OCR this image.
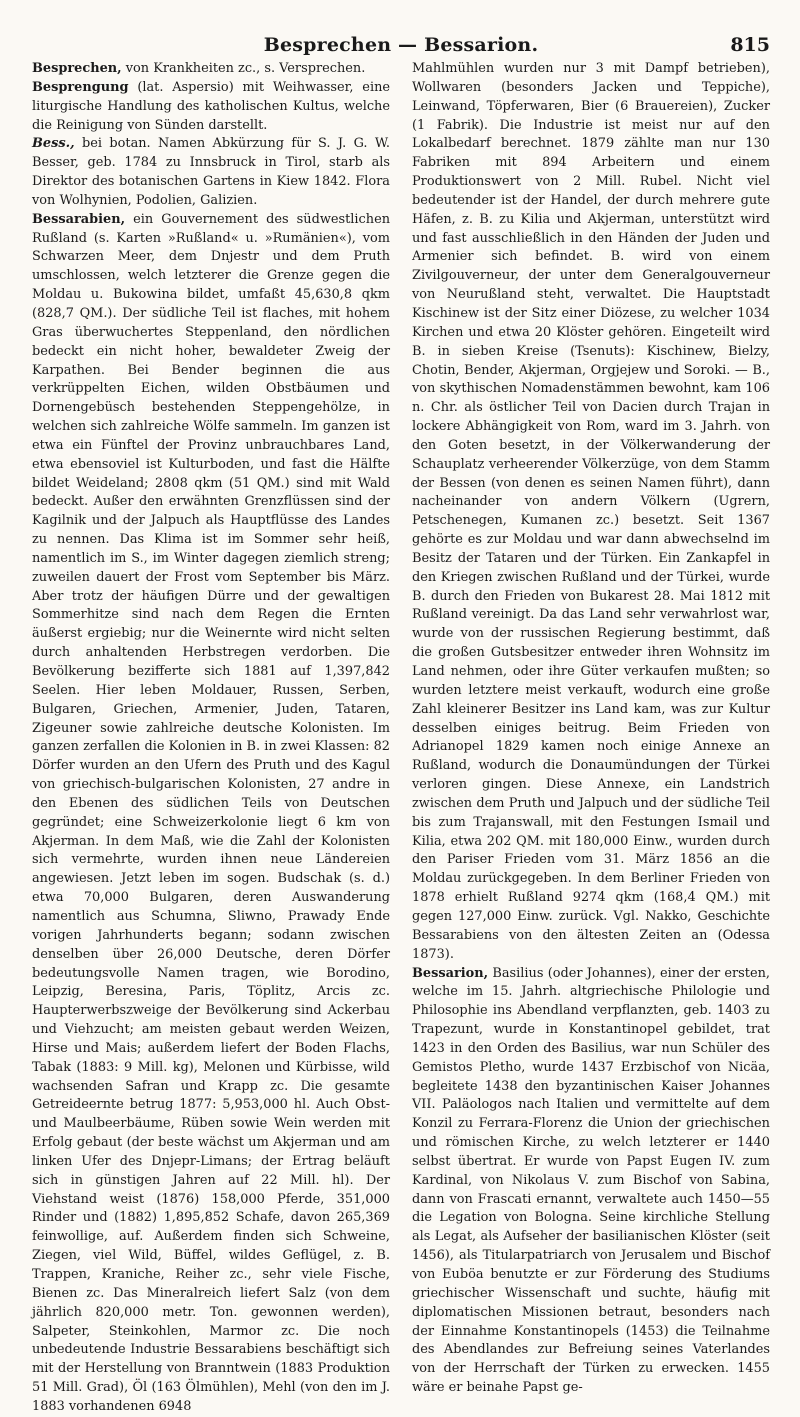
Besprechen — Bessarion.	815

Besprechen, von Krankheiten zc., s. Versprechen.

Besprengung (lat. Aspersio) mit Weihwasser, eine liturgische Handlung des katholischen Kultus, welche die Reinigung von Sünden darstellt.

Bess., bei botan. Namen Abkürzung für S. J. G. W. Besser, geb. 1784 zu Innsbruck in Tirol, starb als Direktor des botanischen Gartens in Kiew 1842. Flora von Wolhynien, Podolien, Galizien.

Bessarabien, ein Gouvernement des südwestlichen Rußland (s. Karten »Rußland« u. »Rumänien«), vom Schwarzen Meer, dem Dnjestr und dem Pruth umschlossen, welch letzterer die Grenze gegen die Moldau u. Bukowina bildet, umfaßt 45,630,8 qkm (828,7 QM.). Der südliche Teil ist flaches, mit hohem Gras überwuchertes Steppenland, den nördlichen bedeckt ein nicht hoher, bewaldeter Zweig der Karpathen. Bei Bender beginnen die aus verkrüppelten Eichen, wilden Obstbäumen und Dornengebüsch bestehenden Steppengehölze, in welchen sich zahlreiche Wölfe sammeln. Im ganzen ist etwa ein Fünftel der Provinz unbrauchbares Land, etwa ebensoviel ist Kulturboden, und fast die Hälfte bildet Weideland; 2808 qkm (51 QM.) sind mit Wald bedeckt. Außer den erwähnten Grenzflüssen sind der Kagilnik und der Jalpuch als Hauptflüsse des Landes zu nennen. Das Klima ist im Sommer sehr heiß, namentlich im S., im Winter dagegen ziemlich streng; zuweilen dauert der Frost vom September bis März. Aber trotz der häufigen Dürre und der gewaltigen Sommerhitze sind nach dem Regen die Ernten äußerst ergiebig; nur die Weinernte wird nicht selten durch anhaltenden Herbstregen verdorben. Die Bevölkerung bezifferte sich 1881 auf 1,397,842 Seelen. Hier leben Moldauer, Russen, Serben, Bulgaren, Griechen, Armenier, Juden, Tataren, Zigeuner sowie zahlreiche deutsche Kolonisten. Im ganzen zerfallen die Kolonien in B. in zwei Klassen: 82 Dörfer wurden an den Ufern des Pruth und des Kagul von griechisch-bulgarischen Kolonisten, 27 andre in den Ebenen des südlichen Teils von Deutschen gegründet; eine Schweizerkolonie liegt 6 km von Akjerman. In dem Maß, wie die Zahl der Kolonisten sich vermehrte, wurden ihnen neue Ländereien angewiesen. Jetzt leben im sogen. Budschak (s. d.) etwa 70,000 Bulgaren, deren Auswanderung namentlich aus Schumna, Sliwno, Prawady Ende vorigen Jahrhunderts begann; sodann zwischen denselben über 26,000 Deutsche, deren Dörfer bedeutungsvolle Namen tragen, wie Borodino, Leipzig, Beresina, Paris, Töplitz, Arcis zc. Haupterwerbszweige der Bevölkerung sind Ackerbau und Viehzucht; am meisten gebaut werden Weizen, Hirse und Mais; außerdem liefert der Boden Flachs, Tabak (1883: 9 Mill. kg), Melonen und Kürbisse, wild wachsenden Safran und Krapp zc. Die gesamte Getreideernte betrug 1877: 5,953,000 hl. Auch Obst- und Maulbeerbäume, Rüben sowie Wein werden mit Erfolg gebaut (der beste wächst um Akjerman und am linken Ufer des Dnjepr-Limans; der Ertrag beläuft sich in günstigen Jahren auf 22 Mill. hl). Der Viehstand weist (1876) 158,000 Pferde, 351,000 Rinder und (1882) 1,895,852 Schafe, davon 265,369 feinwollige, auf. Außerdem finden sich Schweine, Ziegen, viel Wild, Büffel, wildes Geflügel, z. B. Trappen, Kraniche, Reiher zc., sehr viele Fische, Bienen zc. Das Mineralreich liefert Salz (von dem jährlich 820,000 metr. Ton. gewonnen werden), Salpeter, Steinkohlen, Marmor zc. Die noch unbedeutende Industrie Bessarabiens beschäftigt sich mit der Herstellung von Branntwein (1883 Produktion 51 Mill. Grad), Öl (163 Ölmühlen), Mehl (von den im J. 1883 vorhandenen 6948

Mahlmühlen wurden nur 3 mit Dampf betrieben), Wollwaren (besonders Jacken und Teppiche), Leinwand, Töpferwaren, Bier (6 Brauereien), Zucker (1 Fabrik). Die Industrie ist meist nur auf den Lokalbedarf berechnet. 1879 zählte man nur 130 Fabriken mit 894 Arbeitern und einem Produktionswert von 2 Mill. Rubel. Nicht viel bedeutender ist der Handel, der durch mehrere gute Häfen, z. B. zu Kilia und Akjerman, unterstützt wird und fast ausschließlich in den Händen der Juden und Armenier sich befindet. B. wird von einem Zivilgouverneur, der unter dem Generalgouverneur von Neurußland steht, verwaltet. Die Hauptstadt Kischinew ist der Sitz einer Diözese, zu welcher 1034 Kirchen und etwa 20 Klöster gehören. Eingeteilt wird B. in sieben Kreise (Tsenuts): Kischinew, Bielzy, Chotin, Bender, Akjerman, Orgjejew und Soroki. — B., von skythischen Nomadenstämmen bewohnt, kam 106 n. Chr. als östlicher Teil von Dacien durch Trajan in lockere Abhängigkeit von Rom, ward im 3. Jahrh. von den Goten besetzt, in der Völkerwanderung der Schauplatz verheerender Völkerzüge, von dem Stamm der Bessen (von denen es seinen Namen führt), dann nacheinander von andern Völkern (Ugrern, Petschenegen, Kumanen zc.) besetzt. Seit 1367 gehörte es zur Moldau und war dann abwechselnd im Besitz der Tataren und der Türken. Ein Zankapfel in den Kriegen zwischen Rußland und der Türkei, wurde B. durch den Frieden von Bukarest 28. Mai 1812 mit Rußland vereinigt. Da das Land sehr verwahrlost war, wurde von der russischen Regierung bestimmt, daß die großen Gutsbesitzer entweder ihren Wohnsitz im Land nehmen, oder ihre Güter verkaufen mußten; so wurden letztere meist verkauft, wodurch eine große Zahl kleinerer Besitzer ins Land kam, was zur Kultur desselben einiges beitrug. Beim Frieden von Adrianopel 1829 kamen noch einige Annexe an Rußland, wodurch die Donaumündungen der Türkei verloren gingen. Diese Annexe, ein Landstrich zwischen dem Pruth und Jalpuch und der südliche Teil bis zum Trajanswall, mit den Festungen Ismail und Kilia, etwa 202 QM. mit 180,000 Einw., wurden durch den Pariser Frieden vom 31. März 1856 an die Moldau zurückgegeben. In dem Berliner Frieden von 1878 erhielt Rußland 9274 qkm (168,4 QM.) mit gegen 127,000 Einw. zurück. Vgl. Nakko, Geschichte Bessarabiens von den ältesten Zeiten an (Odessa 1873).

Bessarion, Basilius (oder Johannes), einer der ersten, welche im 15. Jahrh. altgriechische Philologie und Philosophie ins Abendland verpflanzten, geb. 1403 zu Trapezunt, wurde in Konstantinopel gebildet, trat 1423 in den Orden des Basilius, war nun Schüler des Gemistos Pletho, wurde 1437 Erzbischof von Nicäa, begleitete 1438 den byzantinischen Kaiser Johannes VII. Paläologos nach Italien und vermittelte auf dem Konzil zu Ferrara-Florenz die Union der griechischen und römischen Kirche, zu welch letzterer er 1440 selbst übertrat. Er wurde von Papst Eugen IV. zum Kardinal, von Nikolaus V. zum Bischof von Sabina, dann von Frascati ernannt, verwaltete auch 1450—55 die Legation von Bologna. Seine kirchliche Stellung als Legat, als Aufseher der basilianischen Klöster (seit 1456), als Titularpatriarch von Jerusalem und Bischof von Euböa benutzte er zur Förderung des Studiums griechischer Wissenschaft und suchte, häufig mit diplomatischen Missionen betraut, besonders nach der Einnahme Konstantinopels (1453) die Teilnahme des Abendlandes zur Befreiung seines Vaterlandes von der Herrschaft der Türken zu erwecken. 1455 wäre er beinahe Papst ge-
